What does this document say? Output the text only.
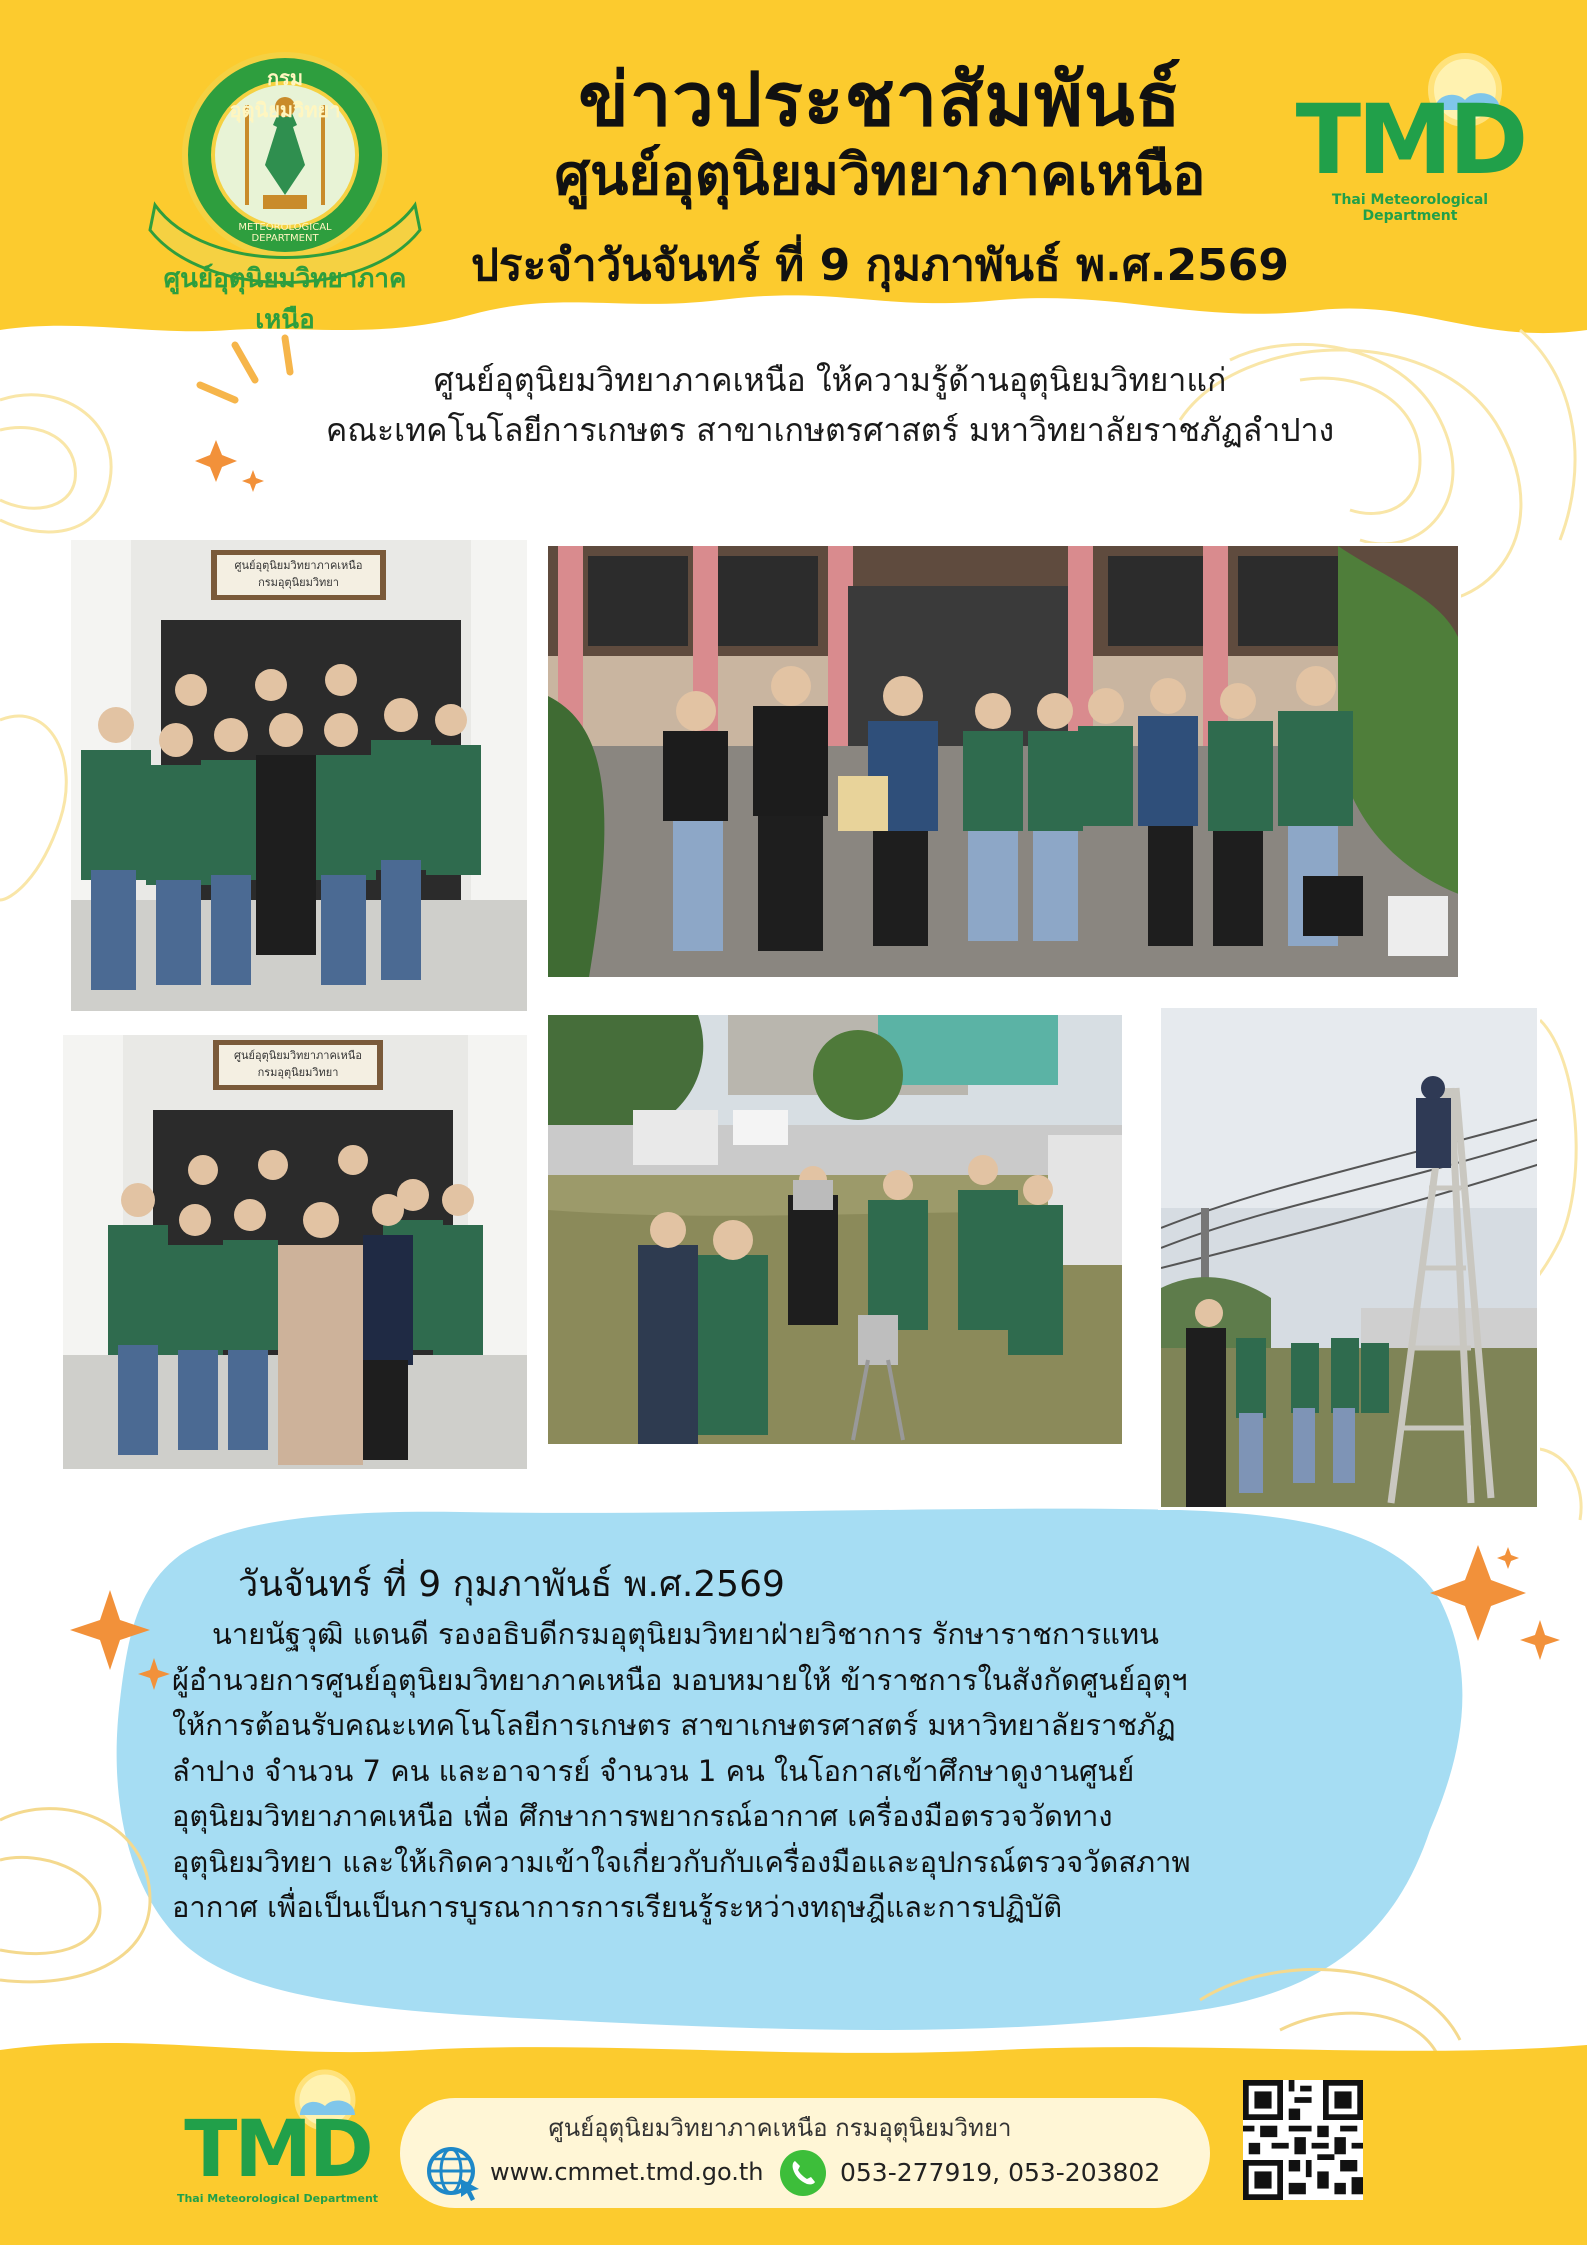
กรมอุตุนิยมวิทยา
METEOROLOGICAL DEPARTMENT
ศูนย์อุตุนิยมวิทยาภาคเหนือ
TMD
Thai Meteorological Department
ข่าวประชาสัมพันธ์
ศูนย์อุตุนิยมวิทยาภาคเหนือ
ประจำวันจันทร์ ที่ 9 กุมภาพันธ์ พ.ศ.2569
ศูนย์อุตุนิยมวิทยาภาคเหนือ ให้ความรู้ด้านอุตุนิยมวิทยาแก่
คณะเทคโนโลยีการเกษตร สาขาเกษตรศาสตร์ มหาวิทยาลัยราชภัฏลำปาง
ศูนย์อุตุนิยมวิทยาภาคเหนือ
กรมอุตุนิยมวิทยา
ศูนย์อุตุนิยมวิทยาภาคเหนือ
กรมอุตุนิยมวิทยา
วันจันทร์ ที่ 9 กุมภาพันธ์ พ.ศ.2569

นายนัฐวุฒิ แดนดี รองอธิบดีกรมอุตุนิยมวิทยาฝ่ายวิชาการ รักษาราชการแทน

ผู้อำนวยการศูนย์อุตุนิยมวิทยาภาคเหนือ มอบหมายให้ ข้าราชการในสังกัดศูนย์อุตุฯ

ให้การต้อนรับคณะเทคโนโลยีการเกษตร สาขาเกษตรศาสตร์ มหาวิทยาลัยราชภัฏ

ลำปาง จำนวน 7 คน และอาจารย์ จำนวน 1 คน ในโอกาสเข้าศึกษาดูงานศูนย์

อุตุนิยมวิทยาภาคเหนือ เพื่อ ศึกษาการพยากรณ์อากาศ เครื่องมือตรวจวัดทาง

อุตุนิยมวิทยา และให้เกิดความเข้าใจเกี่ยวกับกับเครื่องมือและอุปกรณ์ตรวจวัดสภาพ

อากาศ เพื่อเป็นเป็นการบูรณาการการเรียนรู้ระหว่างทฤษฎีและการปฏิบัติ

TMD
Thai Meteorological Department
ศูนย์อุตุนิยมวิทยาภาคเหนือ กรมอุตุนิยมวิทยา
www.cmmet.tmd.go.th	053-277919, 053-203802
